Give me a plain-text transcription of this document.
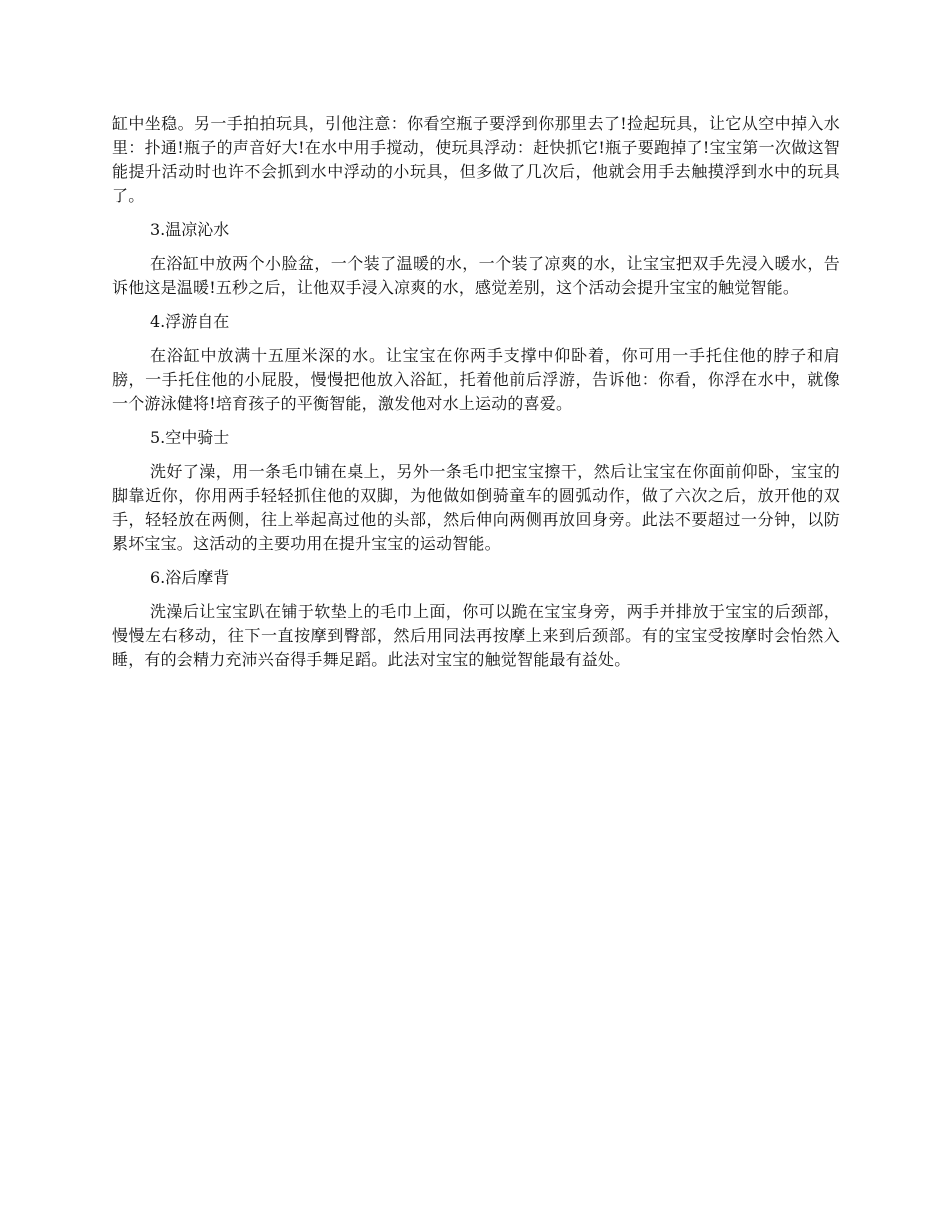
缸中坐稳。另一手拍拍玩具，引他注意：你看空瓶子要浮到你那里去了!捡起玩具，让它从空中掉入水里：扑通!瓶子的声音好大!在水中用手搅动，使玩具浮动：赶快抓它!瓶子要跑掉了!宝宝第一次做这智能提升活动时也许不会抓到水中浮动的小玩具，但多做了几次后，他就会用手去触摸浮到水中的玩具了。

3.温凉沁水

在浴缸中放两个小脸盆，一个装了温暖的水，一个装了凉爽的水，让宝宝把双手先浸入暖水，告诉他这是温暖!五秒之后，让他双手浸入凉爽的水，感觉差别，这个活动会提升宝宝的触觉智能。

4.浮游自在

在浴缸中放满十五厘米深的水。让宝宝在你两手支撑中仰卧着，你可用一手托住他的脖子和肩膀，一手托住他的小屁股，慢慢把他放入浴缸，托着他前后浮游，告诉他：你看，你浮在水中，就像一个游泳健将!培育孩子的平衡智能，激发他对水上运动的喜爱。

5.空中骑士

洗好了澡，用一条毛巾铺在桌上，另外一条毛巾把宝宝擦干，然后让宝宝在你面前仰卧，宝宝的脚靠近你，你用两手轻轻抓住他的双脚，为他做如倒骑童车的圆弧动作，做了六次之后，放开他的双手，轻轻放在两侧，往上举起高过他的头部，然后伸向两侧再放回身旁。此法不要超过一分钟，以防累坏宝宝。这活动的主要功用在提升宝宝的运动智能。

6.浴后摩背

洗澡后让宝宝趴在铺于软垫上的毛巾上面，你可以跪在宝宝身旁，两手并排放于宝宝的后颈部，慢慢左右移动，往下一直按摩到臀部，然后用同法再按摩上来到后颈部。有的宝宝受按摩时会怡然入睡，有的会精力充沛兴奋得手舞足蹈。此法对宝宝的触觉智能最有益处。
